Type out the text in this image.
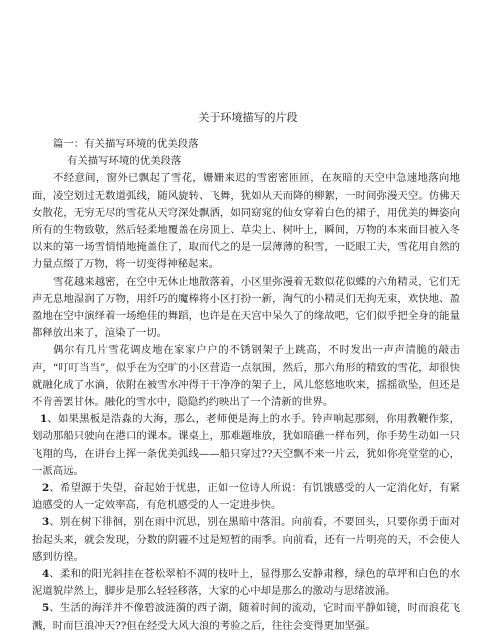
关于环境描写的片段

篇一：有关描写环境的优美段落

有关描写环境的优美段落

不经意间，窗外已飘起了雪花，姗姗来迟的雪密密匝匝，在灰暗的天空中急速地落向地面，凌空划过无数道弧线，随风旋转、飞舞，犹如从天而降的柳絮，一时间弥漫天空。仿佛天女散花，无穷无尽的雪花从天穹深处飘洒，如同窈窕的仙女穿着白色的裙子，用优美的舞姿向所有的生物致敬，然后轻柔地覆盖在房顶上、草尖上、树叶上，瞬间，万物的本来面目被入冬以来的第一场雪悄悄地掩盖住了，取而代之的是一层薄薄的积雪，一眨眼工夫，雪花用自然的力量点缀了万物，将一切变得神秘起来。

雪花越来越密，在空中无休止地散落着，小区里弥漫着无数似花似蝶的六角精灵，它们无声无息地湿润了万物，用纤巧的魔棒将小区打扮一新，淘气的小精灵们无拘无束，欢快地、盈盈地在空中演绎着一场绝佳的舞蹈，也许是在天宫中呆久了的缘故吧，它们似乎把全身的能量都释放出来了，渲染了一切。

偶尔有几片雪花调皮地在家家户户的不锈钢架子上跳高，不时发出一声声清脆的敲击声，“叮叮当当”，似乎在为空旷的小区营造一点氛围，然后，那六角形的精致的雪花，却很快就融化成了水滴，依附在被雪水冲得干干净净的架子上，风儿悠悠地吹来，摇摇欲坠，但还是不肯善罢甘休。融化的雪水中，隐隐约约映出了一个清新的世界。

1、如果黑板是浩淼的大海，那么，老师便是海上的水手。铃声响起那刻，你用教鞭作浆，划动那船只驶向在港口的课本。课桌上，那难题堆放，犹如暗礁一样布列，你手势生动如一只飞翔的鸟，在讲台上挥一条优美弧线——船只穿过??天空飘不来一片云，犹如你亮堂堂的心，一派高远。

2、希望源于失望，奋起始于忧患，正如一位诗人所说：有饥饿感受的人一定消化好，有紧迫感受的人一定效率高，有危机感受的人一定进步快。

3、别在树下徘徊，别在雨中沉思，别在黑暗中落泪。向前看，不要回头，只要你勇于面对抬起头来，就会发现，分数的阴霾不过是短暂的雨季。向前看，还有一片明亮的天，不会使人感到彷徨。

4、柔和的阳光斜挂在苍松翠柏不凋的枝叶上，显得那么安静肃穆，绿色的草坪和白色的水泥道貌岸然上，脚步是那么轻轻移落，大家的心中却是那么的激动与思绪波涌。

5、生活的海洋并不像碧波涟漪的西子湖，随着时间的流动，它时而平静如镜，时而浪花飞溅，时而巨浪冲天??但在经受大风大浪的考验之后，往往会变得更加坚强。
